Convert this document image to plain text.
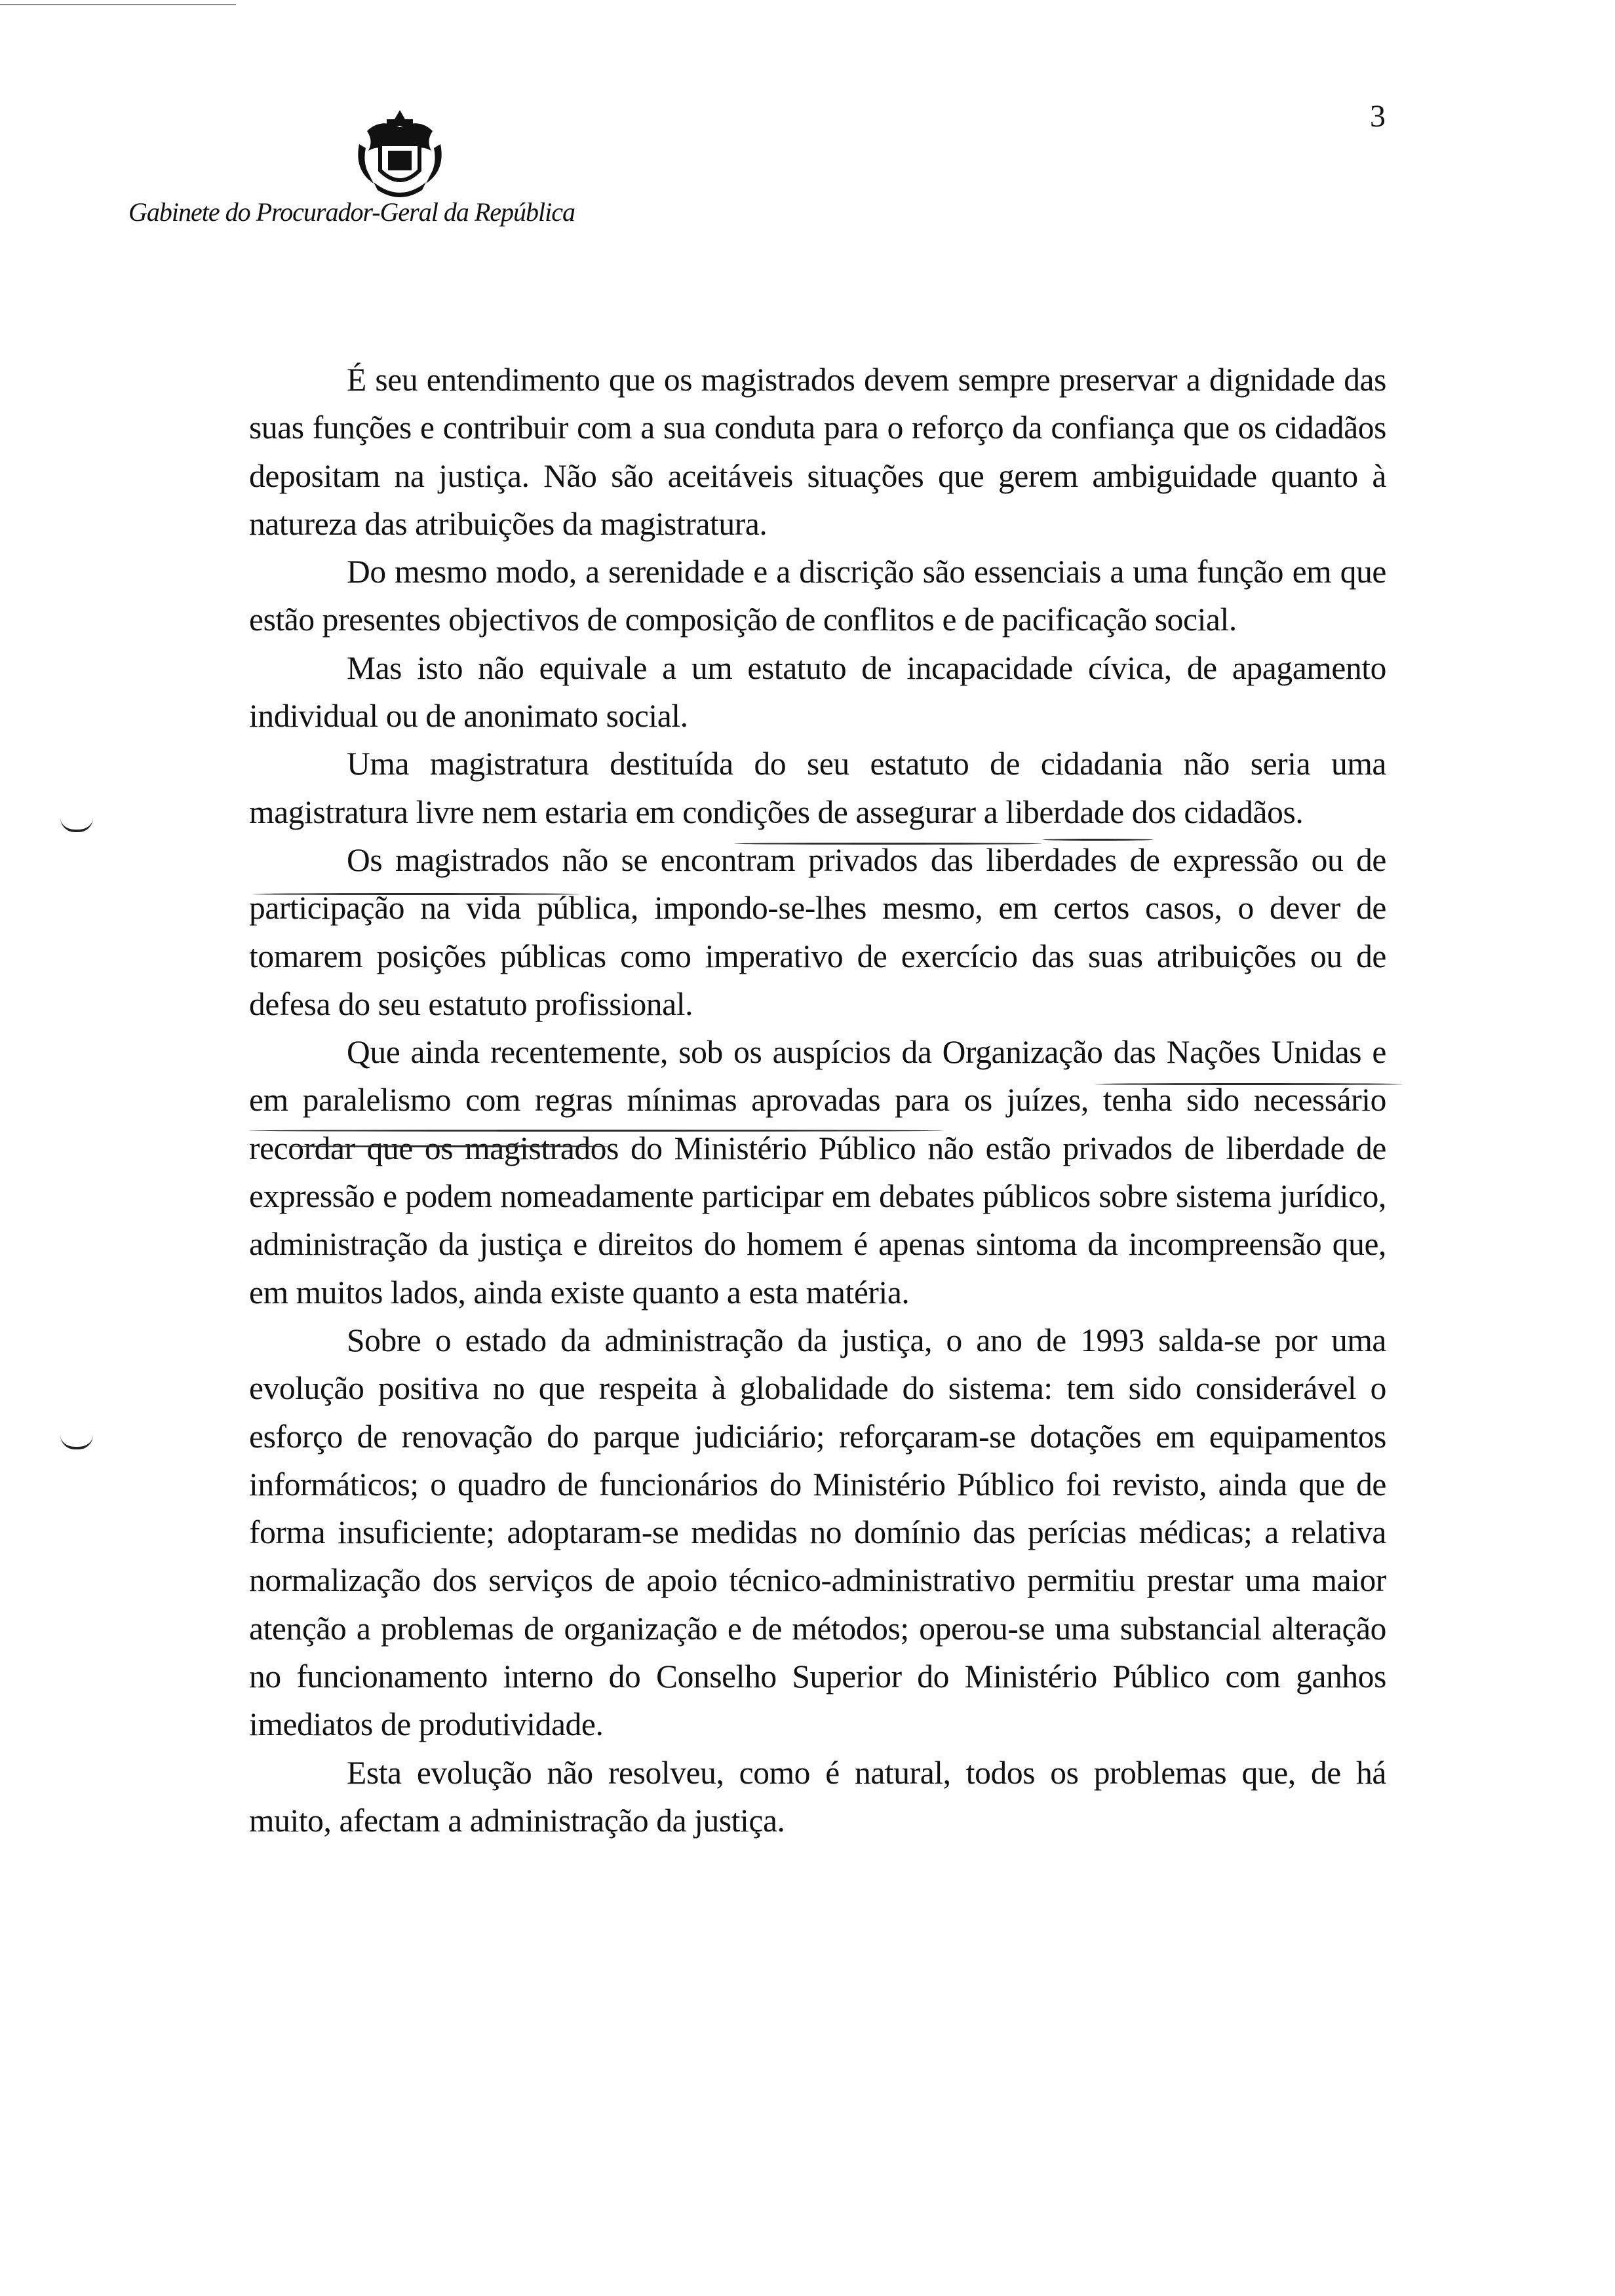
Gabinete do Procurador-Geral da República
3

É seu entendimento que os magistrados devem sempre preservar a dignidade das suas funções e contribuir com a sua conduta para o reforço da confiança que os cidadãos depositam na justiça. Não são aceitáveis situações que gerem ambiguidade quanto à natureza das atribuições da magistratura.

Do mesmo modo, a serenidade e a discrição são essenciais a uma função em que estão presentes objectivos de composição de conflitos e de pacificação social.

Mas isto não equivale a um estatuto de incapacidade cívica, de apagamento individual ou de anonimato social.

Uma magistratura destituída do seu estatuto de cidadania não seria uma magistratura livre nem estaria em condições de assegurar a liberdade dos cidadãos.

Os magistrados não se encontram privados das liberdades de expressão ou de participação na vida pública, impondo-se-lhes mesmo, em certos casos, o dever de tomarem posições públicas como imperativo de exercício das suas atribuições ou de defesa do seu estatuto profissional.

Que ainda recentemente, sob os auspícios da Organização das Nações Unidas e em paralelismo com regras mínimas aprovadas para os juízes, tenha sido necessário recordar que os magistrados do Ministério Público não estão privados de liberdade de expressão e podem nomeadamente participar em debates públicos sobre sistema jurídico, administração da justiça e direitos do homem é apenas sintoma da incompreensão que, em muitos lados, ainda existe quanto a esta matéria.

Sobre o estado da administração da justiça, o ano de 1993 salda-se por uma evolução positiva no que respeita à globalidade do sistema: tem sido considerável o esforço de renovação do parque judiciário; reforçaram-se dotações em equipamentos informáticos; o quadro de funcionários do Ministério Público foi revisto, ainda que de forma insuficiente; adoptaram-se medidas no domínio das perícias médicas; a relativa normalização dos serviços de apoio técnico-administrativo permitiu prestar uma maior atenção a problemas de organização e de métodos; operou-se uma substancial alteração no funcionamento interno do Conselho Superior do Ministério Público com ganhos imediatos de produtividade.

Esta evolução não resolveu, como é natural, todos os problemas que, de há muito, afectam a administração da justiça.
